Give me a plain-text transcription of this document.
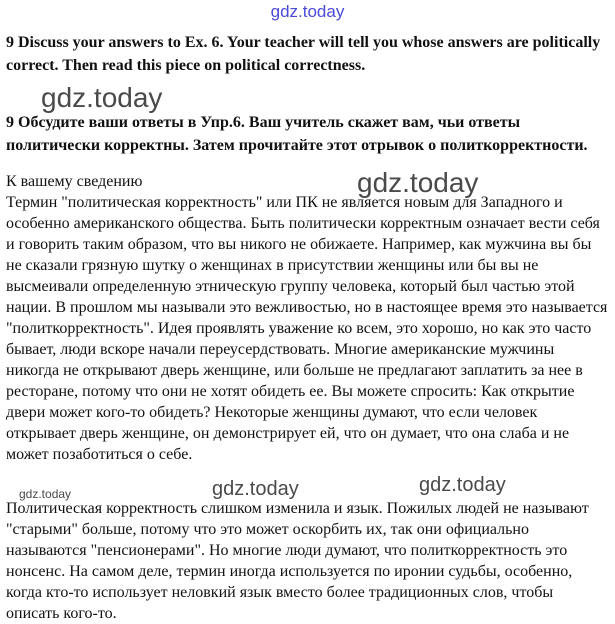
gdz.today

9 Discuss your answers to Ex. 6. Your teacher will tell you whose answers are politically correct. Then read this piece on political correctness.

gdz.today

9 Обсудите ваши ответы в Упр.6. Ваш учитель скажет вам, чьи ответы политически корректны. Затем прочитайте этот отрывок о политкорректности.

К вашему сведению	gdz.today

Термин "политическая корректность" или ПК не является новым для Западного и особенно американского общества. Быть политически корректным означает вести себя и говорить таким образом, что вы никого не обижаете. Например, как мужчина вы бы не сказали грязную шутку о женщинах в присутствии женщины или бы вы не высмеивали определенную этническую группу человека, который был частью этой нации. В прошлом мы называли это вежливостью, но в настоящее время это называется "политкорректность". Идея проявлять уважение ко всем, это хорошо, но как это часто бывает, люди вскоре начали переусердствовать. Многие американские мужчины никогда не открывают дверь женщине, или больше не предлагают заплатить за нее в ресторане, потому что они не хотят обидеть ее. Вы можете спросить: Как открытие двери может кого-то обидеть? Некоторые женщины думают, что если человек открывает дверь женщине, он демонстрирует ей, что он думает, что она слаба и не может позаботиться о себе.

gdz.today	gdz.today	gdz.today

Политическая корректность слишком изменила и язык. Пожилых людей не называют "старыми" больше, потому что это может оскорбить их, так они официально называются "пенсионерами". Но многие люди думают, что политкорректность это нонсенс. На самом деле, термин иногда используется по иронии судьбы, особенно, когда кто-то использует неловкий язык вместо более традиционных слов, чтобы описать кого-то.
